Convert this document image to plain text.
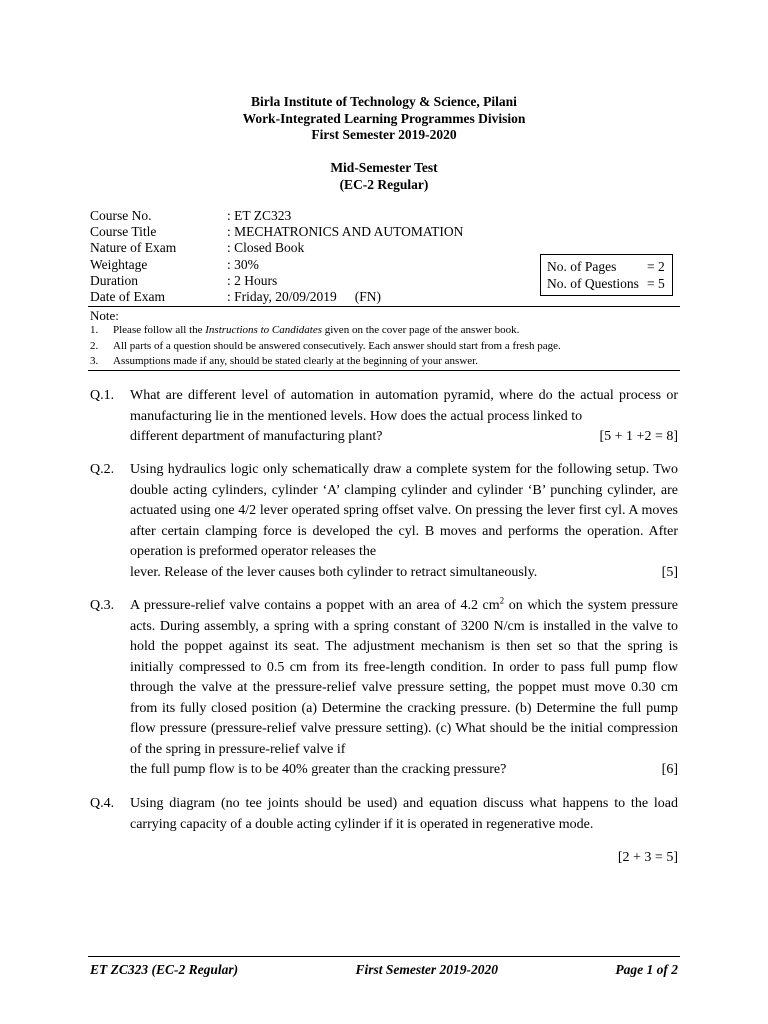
Birla Institute of Technology & Science, Pilani
Work-Integrated Learning Programmes Division
First Semester 2019-2020
Mid-Semester Test
(EC-2 Regular)
Course No.	: ET ZC323
Course Title	: MECHATRONICS AND AUTOMATION
Nature of Exam	: Closed Book
Weightage	: 30%
Duration	: 2 Hours
Date of Exam	: Friday, 20/09/2019 (FN)
No. of Pages	= 2
No. of Questions = 5
Note:
1.	Please follow all the Instructions to Candidates given on the cover page of the answer book.
2.	All parts of a question should be answered consecutively. Each answer should start from a fresh page.
3.	Assumptions made if any, should be stated clearly at the beginning of your answer.
Q.1.	What are different level of automation in automation pyramid, where do the actual process or manufacturing lie in the mentioned levels. How does the actual process linked to
different department of manufacturing plant?	[5 + 1 +2 = 8]
Q.2.	Using hydraulics logic only schematically draw a complete system for the following setup. Two double acting cylinders, cylinder ‘A’ clamping cylinder and cylinder ‘B’ punching cylinder, are actuated using one 4/2 lever operated spring offset valve. On pressing the lever first cyl. A moves after certain clamping force is developed the cyl. B moves and performs the operation. After operation is preformed operator releases the
lever. Release of the lever causes both cylinder to retract simultaneously.	[5]
Q.3.	A pressure-relief valve contains a poppet with an area of 4.2 $cm^2$ on which the system pressure acts. During assembly, a spring with a spring constant of 3200 N/cm is installed in the valve to hold the poppet against its seat. The adjustment mechanism is then set so that the spring is initially compressed to 0.5 cm from its free-length condition. In order to pass full pump flow through the valve at the pressure-relief valve pressure setting, the poppet must move 0.30 cm from its fully closed position (a) Determine the cracking pressure. (b) Determine the full pump flow pressure (pressure-relief valve pressure setting). (c) What should be the initial compression of the spring in pressure-relief valve if
the full pump flow is to be 40% greater than the cracking pressure?	[6]
Q.4.	Using diagram (no tee joints should be used) and equation discuss what happens to the load carrying capacity of a double acting cylinder if it is operated in regenerative mode.
[2 + 3 = 5]
ET ZC323 (EC-2 Regular)	First Semester 2019-2020	Page 1 of 2
